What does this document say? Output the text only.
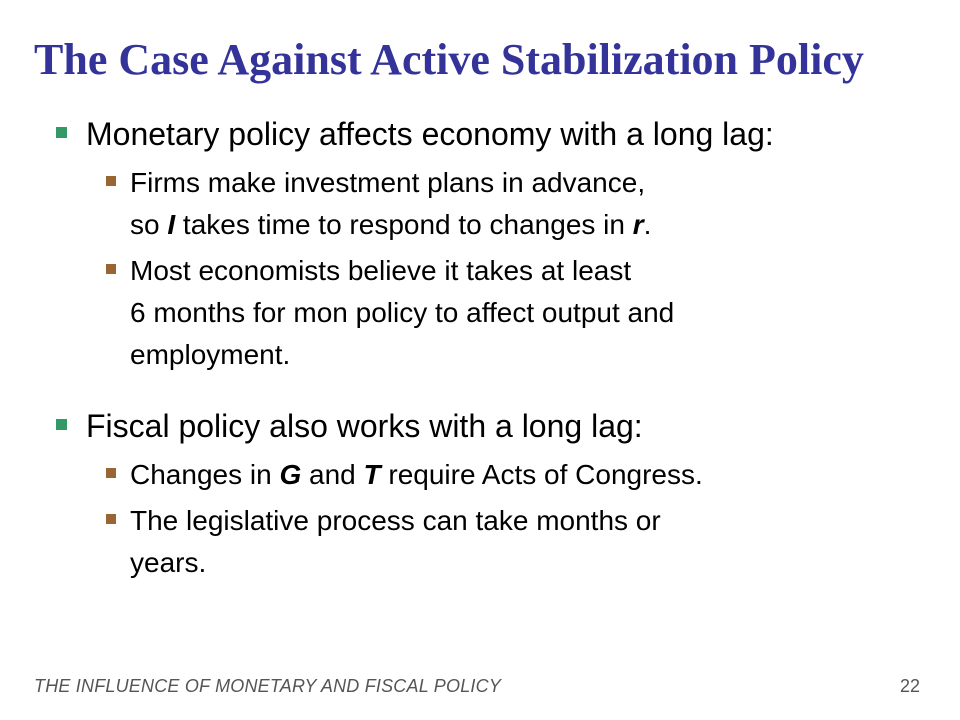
The Case Against Active Stabilization Policy

Monetary policy affects economy with a long lag:

Firms make investment plans in advance,
so I takes time to respond to changes in r.

Most economists believe it takes at least
6 months for mon policy to affect output and
employment.

Fiscal policy also works with a long lag:

Changes in G and T require Acts of Congress.

The legislative process can take months or
years.

THE INFLUENCE OF MONETARY AND FISCAL POLICY	22
